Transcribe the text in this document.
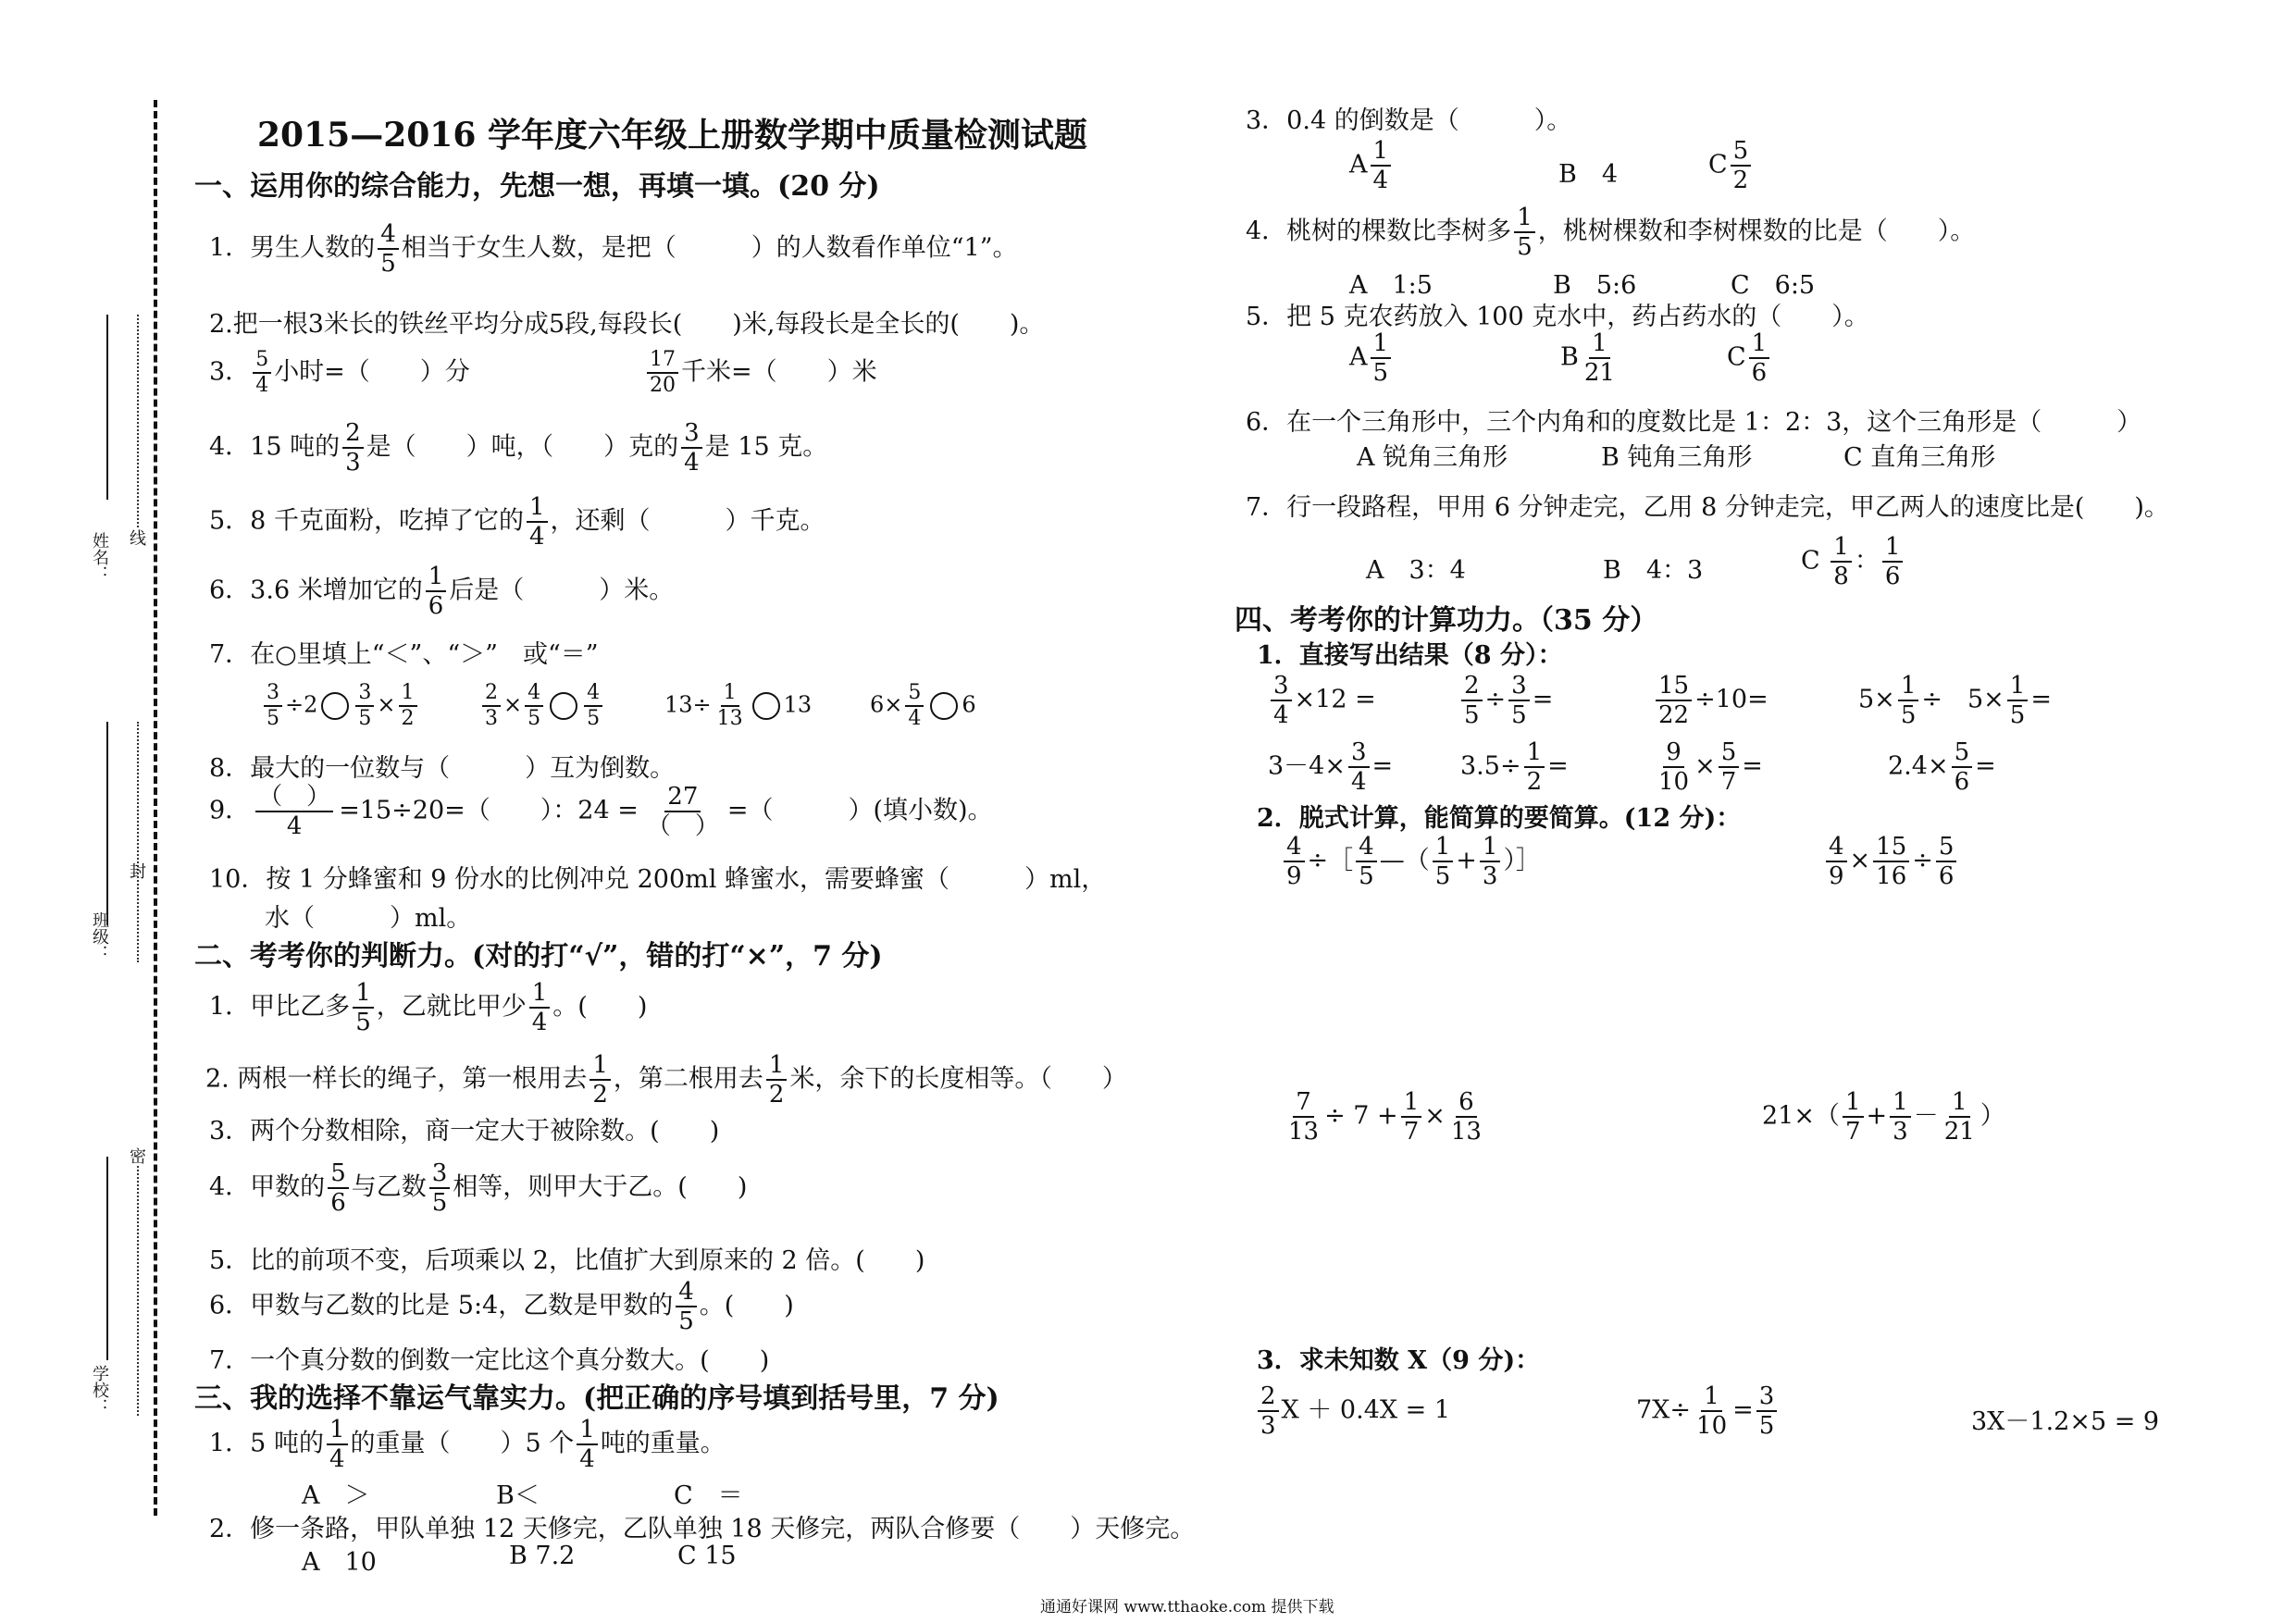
姓名：
班级：
学校：
线
封
密
2015—2016 学年度六年级上册数学期中质量检测试题
一、运用你的综合能力，先想一想，再填一填。(20 分)
1．男生人数的 $\frac{4}{5}$ 相当于女生人数，是把（　　　）的人数看作单位“1”。
2.把一根3米长的铁丝平均分成5段,每段长(　　)米,每段长是全长的(　　)。
3． $\frac{5}{4}$ 小时=（　　）分	$\frac{17}{20}$ 千米=（　　）米
4．15 吨的 $\frac{2}{3}$ 是（　　）吨，（　　）克的 $\frac{3}{4}$ 是 15 克。
5．8 千克面粉，吃掉了它的 $\frac{1}{4}$ ，还剩（　　　）千克。
6．3.6 米增加它的 $\frac{1}{6}$ 后是（　　　）米。
7．在○里填上“＜”、“＞”　或“＝”
$\frac{3}{5} \div 2 \frac{3}{5} \times \frac{1}{2}$	$\frac{2}{3} \times \frac{4}{5} \frac{4}{5}$	$13\div \frac{1}{13} 13$	$6\times \frac{5}{4} 6$
8．最大的一位数与（　　　）互为倒数。
9． $\frac{( )}{4} =15\div 20=$（　　）：$24 = \frac{27}{( )}$ =（　　　）(填小数)。
10．按 1 分蜂蜜和 9 份水的比例冲兑 200ml 蜂蜜水，需要蜂蜜（　　　）ml，
水（　　　）ml。
二、考考你的判断力。(对的打“√”，错的打“×”，7 分)
1．甲比乙多 $\frac{1}{5}$ ，乙就比甲少 $\frac{1}{4}$ 。(　　)
2. 两根一样长的绳子，第一根用去 $\frac{1}{2}$ ，第二根用去 $\frac{1}{2}$ 米，余下的长度相等。（　　）
3．两个分数相除，商一定大于被除数。(　　)
4．甲数的 $\frac{5}{6}$ 与乙数 $\frac{3}{5}$ 相等，则甲大于乙。(　　)
5．比的前项不变，后项乘以 2，比值扩大到原来的 2 倍。(　　)
6．甲数与乙数的比是 5:4，乙数是甲数的 $\frac{4}{5}$ 。(　　)
7．一个真分数的倒数一定比这个真分数大。(　　)
三、我的选择不靠运气靠实力。(把正确的序号填到括号里，7 分)
1．5 吨的 $\frac{1}{4}$ 的重量（　　）5 个 $\frac{1}{4}$ 吨的重量。
A　＞	B＜	C　＝
2．修一条路，甲队单独 12 天修完，乙队单独 18 天修完，两队合修要（　　）天修完。
A　10	B 7.2	C 15
3．0.4 的倒数是（　　　）。
A $\frac{1}{4}$	B　4	C $\frac{5}{2}$
4．桃树的棵数比李树多 $\frac{1}{5}$ ，桃树棵数和李树棵数的比是（　　）。
A　1:5	B　5:6	C　6:5
5．把 5 克农药放入 100 克水中，药占药水的（　　）。
A $\frac{1}{5}$	B $\frac{1}{21}$	C $\frac{1}{6}$
6．在一个三角形中，三个内角和的度数比是 1：2：3，这个三角形是（　　　）
A 锐角三角形	B 钝角三角形	C 直角三角形
7．行一段路程，甲用 6 分钟走完，乙用 8 分钟走完，甲乙两人的速度比是(　　)。
A　3：4	B　4：3	C $\frac{1}{8}$ ： $\frac{1}{6}$
四、考考你的计算功力。（35 分）
1．直接写出结果（8 分）：
$\frac{3}{4} \times 12$ =	$\frac{2}{5} \div \frac{3}{5}$ =	$\frac{15}{22} \div 10=$	$5\times \frac{1}{5}$ ÷　$5\times \frac{1}{5}$ =
$3-4\times \frac{3}{4}$ =	$3.5\div \frac{1}{2}$ =	$\frac{9}{10} \times \frac{5}{7}$ =	$2.4\times \frac{5}{6}$ =
2．脱式计算，能简算的要简算。(12 分)：
$\frac{4}{9}$ ÷［ $\frac{4}{5}$ —（ $\frac{1}{5} + \frac{1}{3}$ ）］	$\frac{4}{9} \times \frac{15}{16} \div \frac{5}{6}$
$\frac{7}{13} \div 7 + \frac{1}{7} \times \frac{6}{13}$	$21\times( \frac{1}{7} + \frac{1}{3} - \frac{1}{21}$ ）
3．求未知数 X（9 分)：
$\frac{2}{3}$ X ＋ 0.4X = 1	$7X\div \frac{1}{10} = \frac{3}{5}$	3X－1.2×5 = 9
通通好课网 www.tthaoke.com 提供下载
